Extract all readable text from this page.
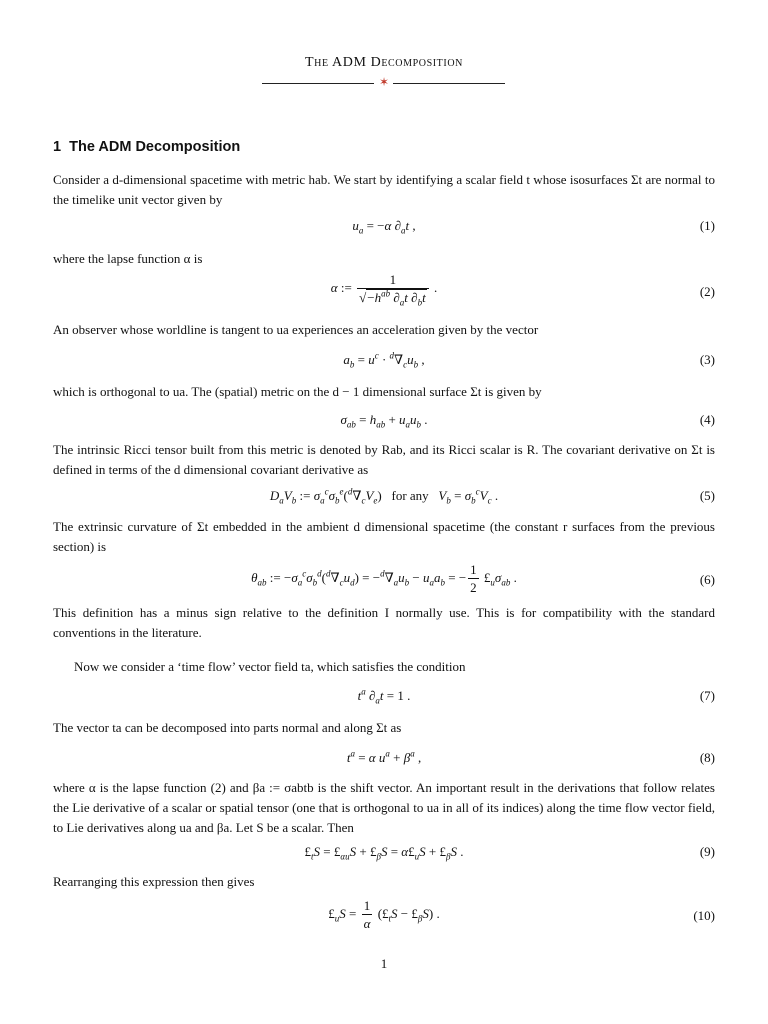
The ADM Decomposition
✶
1 The ADM Decomposition
Consider a d-dimensional spacetime with metric hab. We start by identifying a scalar field t whose isosurfaces Σt are normal to the timelike unit vector given by
$u_a = -\alpha$ $\partial_at$ ,	(1)
where the lapse function α is
α := $\frac{1}{√-h^{ab} \partial_at \partial_bt}$ .	(2)
An observer whose worldline is tangent to ua experiences an acceleration given by the vector
$a_b = u^c \cdot ^d\nabla_cu_b$ ,	(3)
which is orthogonal to ua. The (spatial) metric on the d − 1 dimensional surface Σt is given by
$\sigma_{ab} = h_{ab} + u_au_b$ .	(4)
The intrinsic Ricci tensor built from this metric is denoted by Rab, and its Ricci scalar is R. The covariant derivative on Σt is defined in terms of the d dimensional covariant derivative as
$D_aV_b$ := $\sigma_a^c\sigma_b^e(^d\nabla_cV_e)$   for any   $V_b = \sigma_b^cV_c$ .	(5)
The extrinsic curvature of Σt embedded in the ambient d dimensional spacetime (the constant r surfaces from the previous section) is
$\theta_{ab}$ := $-\sigma_a^c\sigma_b^d(^d\nabla_cu_d) = -^d\nabla_au_b - u_aa_b$ = − $\frac{1}{2}$ $£_u\sigma_{ab}$ .	(6)
This definition has a minus sign relative to the definition I normally use. This is for compatibility with the standard conventions in the literature.
Now we consider a ‘time flow’ vector field ta, which satisfies the condition
$t^a$ $\partial_at = 1$ .	(7)
The vector ta can be decomposed into parts normal and along Σt as
$t^a = \alpha$ $u^a + \beta^a$ ,	(8)
where α is the lapse function (2) and βa := σabtb is the shift vector. An important result in the derivations that follow relates the Lie derivative of a scalar or spatial tensor (one that is orthogonal to ua in all of its indices) along the time flow vector field, to Lie derivatives along ua and βa. Let S be a scalar. Then
$£_tS$ = $£_{\alpha u}S$ + $£_\beta S$ = $\alpha£_uS$ + $£_\beta S$ .	(9)
Rearranging this expression then gives
$£_uS = \frac{1}{\alpha}$ ($£_tS$ − $£_\beta S$) .	(10)
1
